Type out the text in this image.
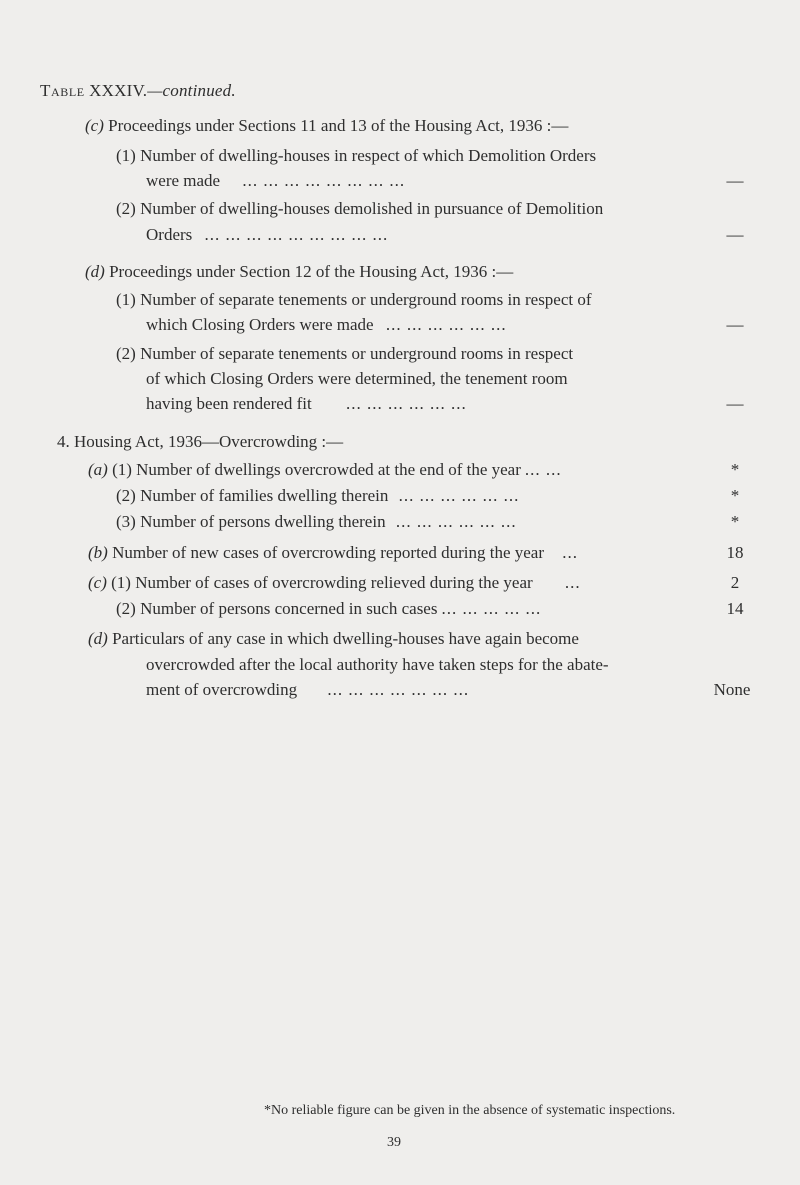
Table XXXIV.—continued.
(c) Proceedings under Sections 11 and 13 of the Housing Act, 1936 :—
(1) Number of dwelling-houses in respect of which Demolition Orders
were made ... ... ... ... ... ... ... ...	—
(2) Number of dwelling-houses demolished in pursuance of Demolition
Orders ... ... ... ... ... ... ... ... ...	—
(d) Proceedings under Section 12 of the Housing Act, 1936 :—
(1) Number of separate tenements or underground rooms in respect of
which Closing Orders were made ... ... ... ... ... ...	—
(2) Number of separate tenements or underground rooms in respect
of which Closing Orders were determined, the tenement room
having been rendered fit ... ... ... ... ... ...	—
4. Housing Act, 1936—Overcrowding :—
(a) (1) Number of dwellings overcrowded at the end of the year ... ...	*
(2) Number of families dwelling therein ... ... ... ... ... ...	*
(3) Number of persons dwelling therein ... ... ... ... ... ...	*
(b) Number of new cases of overcrowding reported during the year ...	18
(c) (1) Number of cases of overcrowding relieved during the year ...	2
(2) Number of persons concerned in such cases ... ... ... ... ...	14
(d) Particulars of any case in which dwelling-houses have again become
overcrowded after the local authority have taken steps for the abate-
ment of overcrowding ... ... ... ... ... ... ...	None
*No reliable figure can be given in the absence of systematic inspections.
39
